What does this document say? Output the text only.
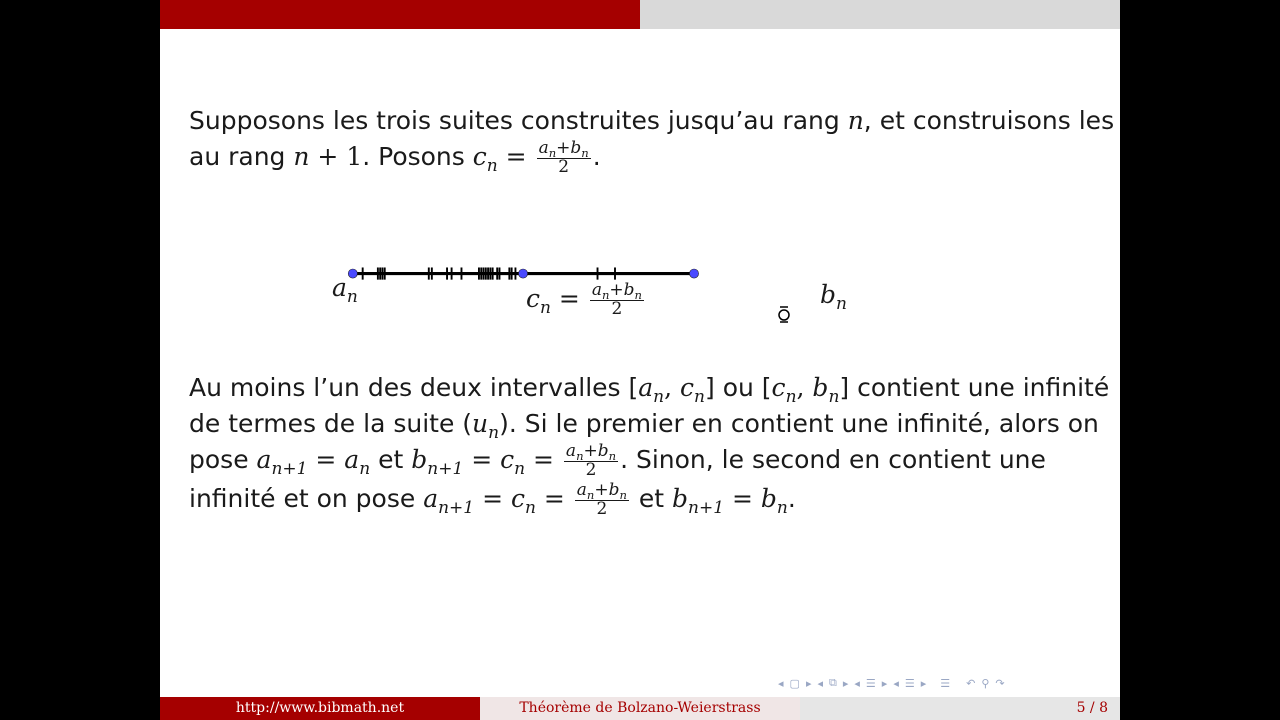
Supposons les trois suites construites jusqu’au rang n, et construisons les
au rang n + 1. Posons $c_n = \frac{a_n+b_n}{2}$ .
$a_n$	$b_n$
$c_n = \frac{a_n+b_n}{2}$
Au moins l’un des deux intervalles [$a_n$, $c_n$] ou [$c_n$, $b_n$] contient une infinité
de termes de la suite $(u_n)$. Si le premier en contient une infinité, alors on
pose $a_{n+1} = a_n$ et $b_{n+1} = c_n = \frac{a_n+b_n}{2}$ . Sinon, le second en contient une
infinité et on pose $a_{n+1} = c_n = \frac{a_n+b_n}{2}$ et $b_{n+1} = b_n$.
◂ ▢ ▸ ◂ ⧉ ▸ ◂ ☰ ▸ ◂ ☰ ▸ ☰ ↶ ⚲ ↷
http://www.bibmath.net	Théorème de Bolzano-Weierstrass	5 / 8
